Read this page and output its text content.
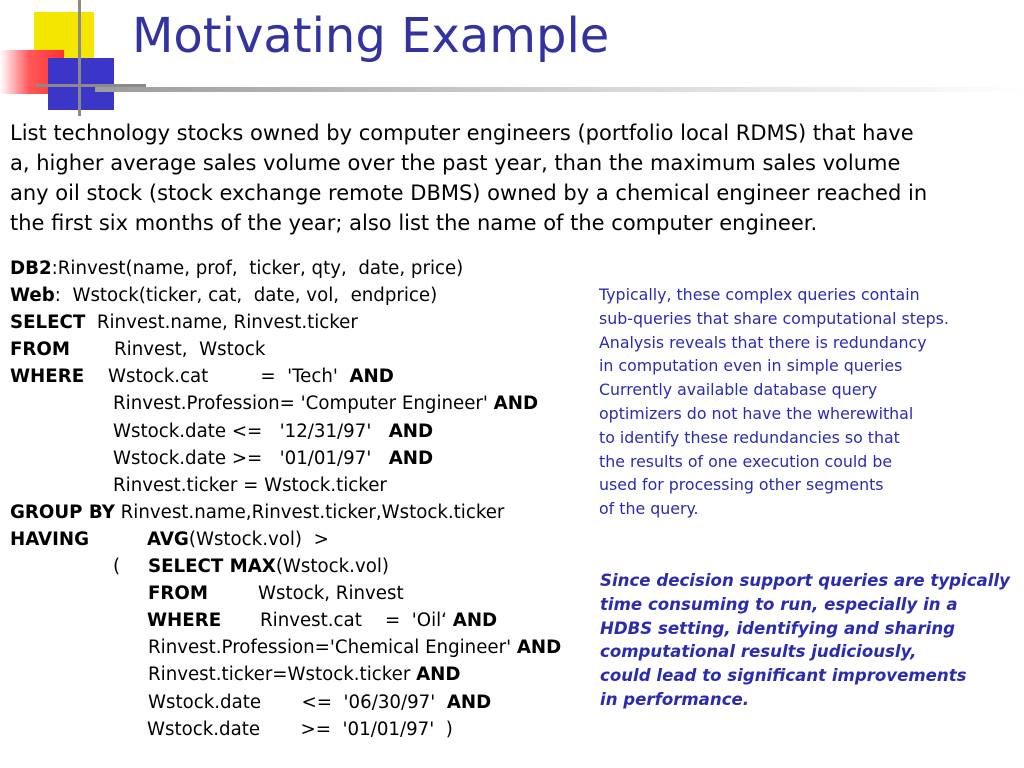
Motivating Example

List technology stocks owned by computer engineers (portfolio local RDMS) that have
a, higher average sales volume over the past year, than the maximum sales volume
any oil stock (stock exchange remote DBMS) owned by a chemical engineer reached in
the first six months of the year; also list the name of the computer engineer.

DB2:Rinvest(name, prof,  ticker, qty,  date, price)
Web:  Wstock(ticker, cat,  date, vol,  endprice)
SELECT  Rinvest.name, Rinvest.ticker
FROM Rinvest,  Wstock
WHERE Wstock.cat         =  'Tech'  AND
Rinvest.Profession= 'Computer Engineer' AND
Wstock.date <=   '12/31/97'   AND
Wstock.date >=   '01/01/97'   AND
Rinvest.ticker = Wstock.ticker
GROUP BY Rinvest.name,Rinvest.ticker,Wstock.ticker
HAVING	AVG(Wstock.vol)  >
( SELECT MAX(Wstock.vol)
FROM	Wstock, Rinvest
WHERE Rinvest.cat    =  'Oil‘ AND
Rinvest.Profession='Chemical Engineer' AND
Rinvest.ticker=Wstock.ticker AND
Wstock.date       <=  '06/30/97'  AND
Wstock.date       >=  '01/01/97'  )
Typically, these complex queries contain
sub-queries that share computational steps.
Analysis reveals that there is redundancy
in computation even in simple queries
Currently available database query
optimizers do not have the wherewithal
to identify these redundancies so that
the results of one execution could be
used for processing other segments
of the query.
Since decision support queries are typically
time consuming to run, especially in a
HDBS setting, identifying and sharing
computational results judiciously,
could lead to significant improvements
in performance.
